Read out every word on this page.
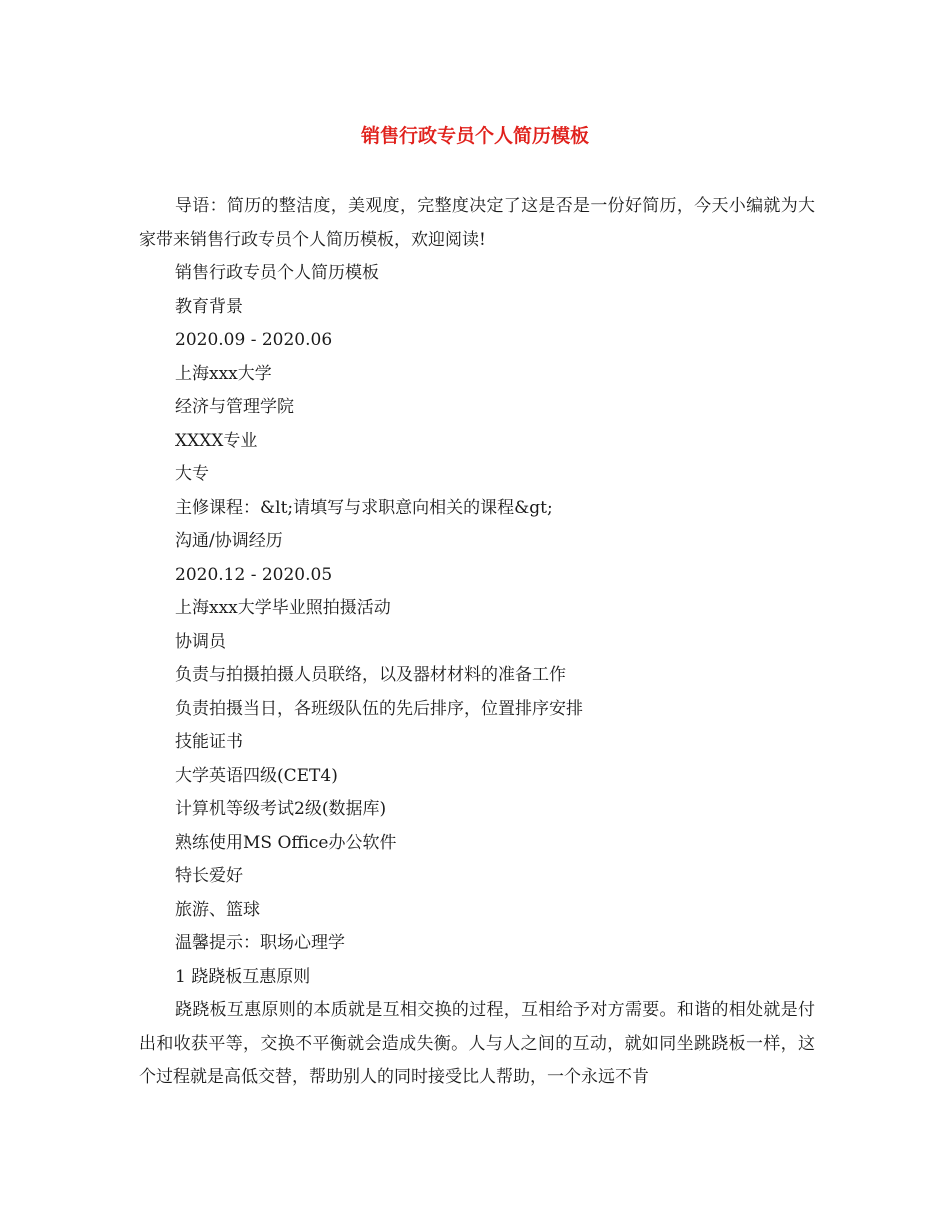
销售行政专员个人简历模板

导语：简历的整洁度，美观度，完整度决定了这是否是一份好简历，今天小编就为大家带来销售行政专员个人简历模板，欢迎阅读!

销售行政专员个人简历模板

教育背景

2020.09 - 2020.06

上海xxx大学

经济与管理学院

XXXX专业

大专

主修课程：&lt;请填写与求职意向相关的课程&gt;

沟通/协调经历

2020.12 - 2020.05

上海xxx大学毕业照拍摄活动

协调员

负责与拍摄拍摄人员联络，以及器材材料的准备工作

负责拍摄当日，各班级队伍的先后排序，位置排序安排

技能证书

大学英语四级(CET4)

计算机等级考试2级(数据库)

熟练使用MS Office办公软件

特长爱好

旅游、篮球

温馨提示：职场心理学

1 跷跷板互惠原则

跷跷板互惠原则的本质就是互相交换的过程，互相给予对方需要。和谐的相处就是付出和收获平等，交换不平衡就会造成失衡。人与人之间的互动，就如同坐跳跷板一样，这个过程就是高低交替，帮助别人的同时接受比人帮助，一个永远不肯
